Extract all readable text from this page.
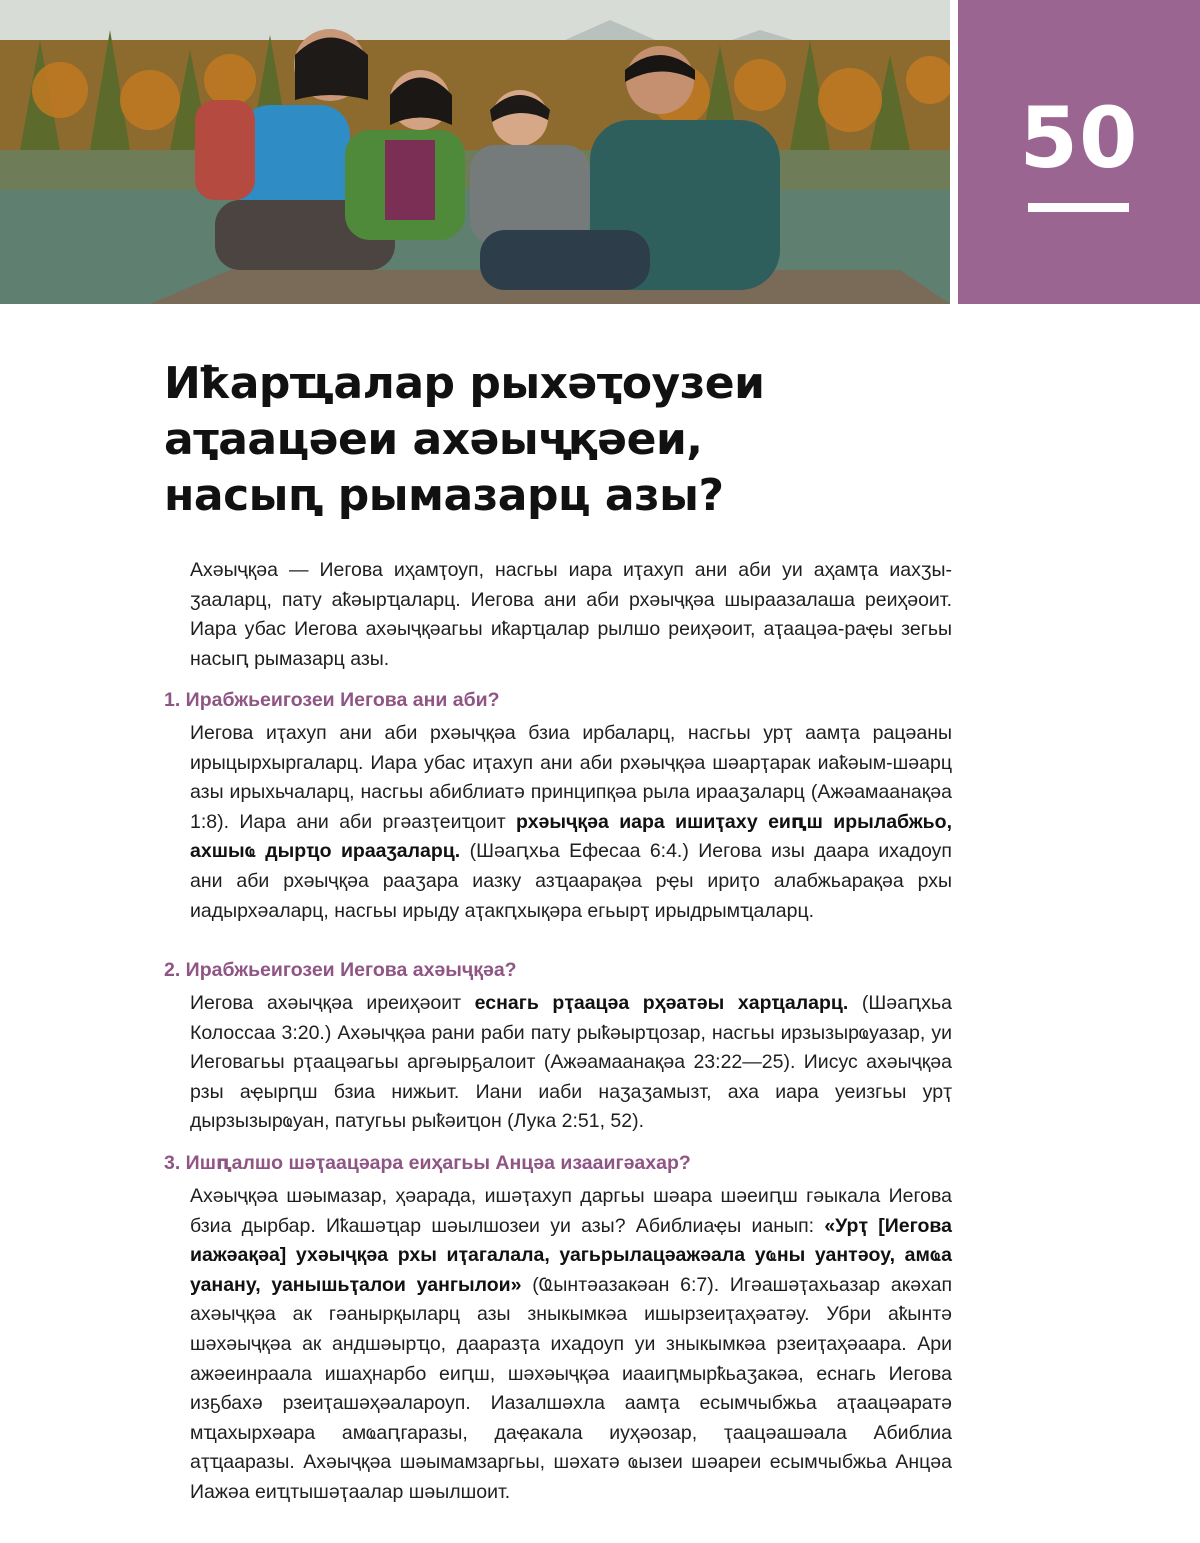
50
Иҟарҵалар рыхәҭоузеи
аҭаацәеи ахәыҷқәеи,
насыԥ рымазарц азы?

Ахәыҷқәа — Иегова иҳамҭоуп, насгьы иара иҭахуп ани аби уи аҳамҭа иахӡы-ӡааларц, пату аҟәырҵаларц. Иегова ани аби рхәыҷқәа шыраазалаша реиҳәоит. Иара убас Иегова ахәыҷқәагьы иҟарҵалар рылшо реиҳәоит, аҭаацәа-раҿы зегьы насыԥ рымазарц азы.

1. Ирабжьеигозеи Иегова ани аби?

Иегова иҭахуп ани аби рхәыҷқәа бзиа ирбаларц, насгьы урҭ аамҭа рацәаны ирыцырхыргаларц. Иара убас иҭахуп ани аби рхәыҷқәа шәарҭарак иаҟәым-шәарц азы ирыхьчаларц, насгьы абиблиатә принципқәа рыла ирааӡаларц (Ажәамаанақәа 1:8). Иара ани аби ргәазҭеиҵоит рхәыҷқәа иара ишиҭаху еиԥш ирылабжьо, ахшыҩ дырҵо ирааӡаларц. (Шәаԥхьа Ефесаа 6:4.) Иегова изы даара ихадоуп ани аби рхәыҷқәа рааӡара иазку азҵаарақәа рҿы ириҭо алабжьарақәа рхы иадырхәаларц, насгьы ирыду аҭакԥхықәра егьырҭ ирыдрымҵаларц.

2. Ирабжьеигозеи Иегова ахәыҷқәа?

Иегова ахәыҷқәа иреиҳәоит еснагь рҭаацәа рҳәатәы харҵаларц. (Шәаԥхьа Колоссаа 3:20.) Ахәыҷқәа рани раби пату рыҟәырҵозар, насгьы ирзызырҩуазар, уи Иеговагьы рҭаацәагьы аргәырҕалоит (Ажәамаанақәа 23:22—25). Иисус ахәыҷқәа рзы аҿырԥш бзиа нижьит. Иани иаби наӡаӡамызт, аха иара уеизгьы урҭ дырзызырҩуан, патугьы рыҟәиҵон (Лука 2:51, 52).

3. Ишԥалшо шәҭаацәара еиҳагьы Анцәа изааигәахар?

Ахәыҷқәа шәымазар, ҳәарада, ишәҭахуп даргьы шәара шәеиԥш гәыкала Иегова бзиа дырбар. Иҟашәҵар шәылшозеи уи азы? Абиблиаҿы ианып: «Урҭ [Иегова иажәақәа] ухәыҷқәа рхы иҭагалала, уагьрылацәажәала уҩны уантәоу, амҩа уанану, уанышьҭалои уангылои» (Ҩынтәазакәан 6:7). Игәашәҭахьазар акәхап ахәыҷқәа ак гәанырқыларц азы зныкымкәа ишырзеиҭаҳәатәу. Убри аҟынтә шәхәыҷқәа ак андшәырҵо, дааразҭа ихадоуп уи зныкымкәа рзеиҭаҳәаара. Ари ажәеинраала ишаҳнарбо еиԥш, шәхәыҷқәа иааиԥмырҟьаӡакәа, еснагь Иегова изҕбахә рзеиҭашәҳәалароуп. Иазалшәхла аамҭа есымчыбжьа аҭаацәаратә мҵахырхәара амҩаԥгаразы, даҿакала иуҳәозар, ҭаацәашәала Абиблиа аҭҵааразы. Ахәыҷқәа шәымамзаргьы, шәхатә ҩызеи шәареи есымчыбжьа Анцәа Иажәа еиҵтышәҭаалар шәылшоит.
